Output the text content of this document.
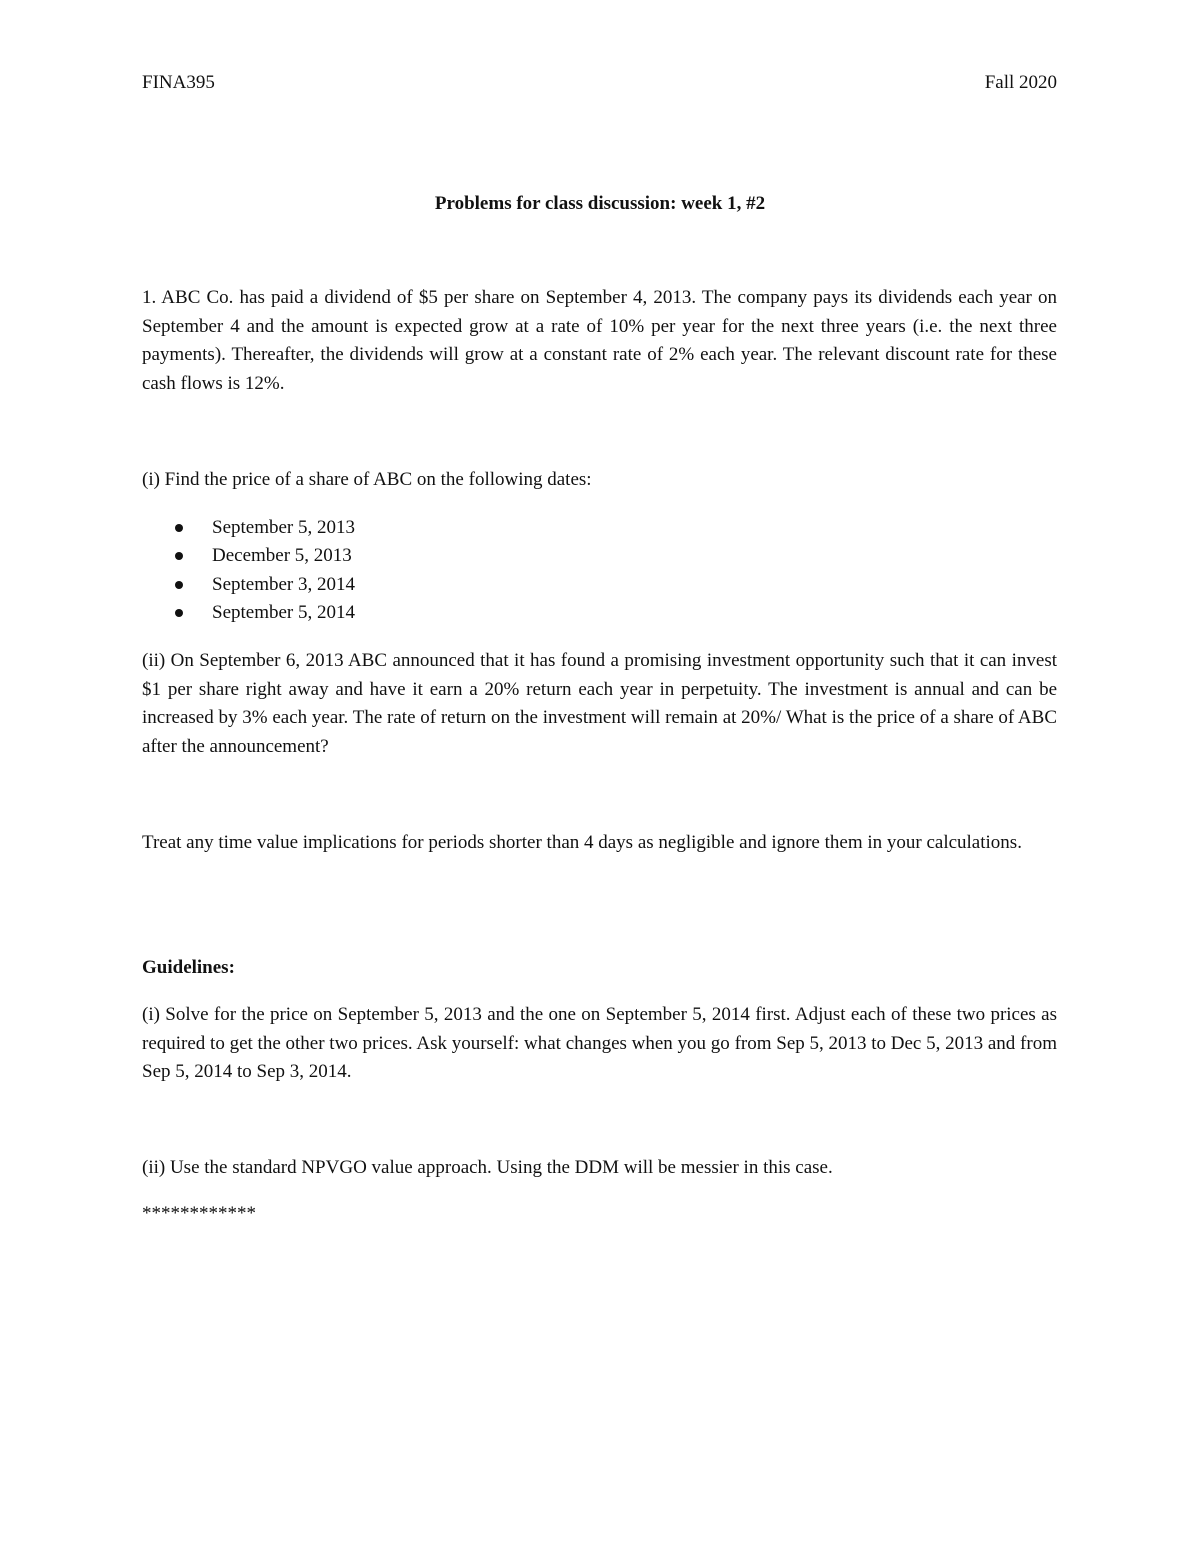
FINA395	Fall 2020
Problems for class discussion: week 1, #2

1. ABC Co. has paid a dividend of $5 per share on September 4, 2013. The company pays its dividends each year on September 4 and the amount is expected grow at a rate of 10% per year for the next three years (i.e. the next three payments). Thereafter, the dividends will grow at a constant rate of 2% each year. The relevant discount rate for these cash flows is 12%.

(i) Find the price of a share of ABC on the following dates:

September 5, 2013
December 5, 2013
September 3, 2014
September 5, 2014

(ii) On September 6, 2013 ABC announced that it has found a promising investment opportunity such that it can invest $1 per share right away and have it earn a 20% return each year in perpetuity. The investment is annual and can be increased by 3% each year. The rate of return on the investment will remain at 20%/ What is the price of a share of ABC after the announcement?

Treat any time value implications for periods shorter than 4 days as negligible and ignore them in your calculations.

Guidelines:

(i) Solve for the price on September 5, 2013 and the one on September 5, 2014 first. Adjust each of these two prices as required to get the other two prices. Ask yourself: what changes when you go from Sep 5, 2013 to Dec 5, 2013 and from Sep 5, 2014 to Sep 3, 2014.

(ii) Use the standard NPVGO value approach. Using the DDM will be messier in this case.

************
